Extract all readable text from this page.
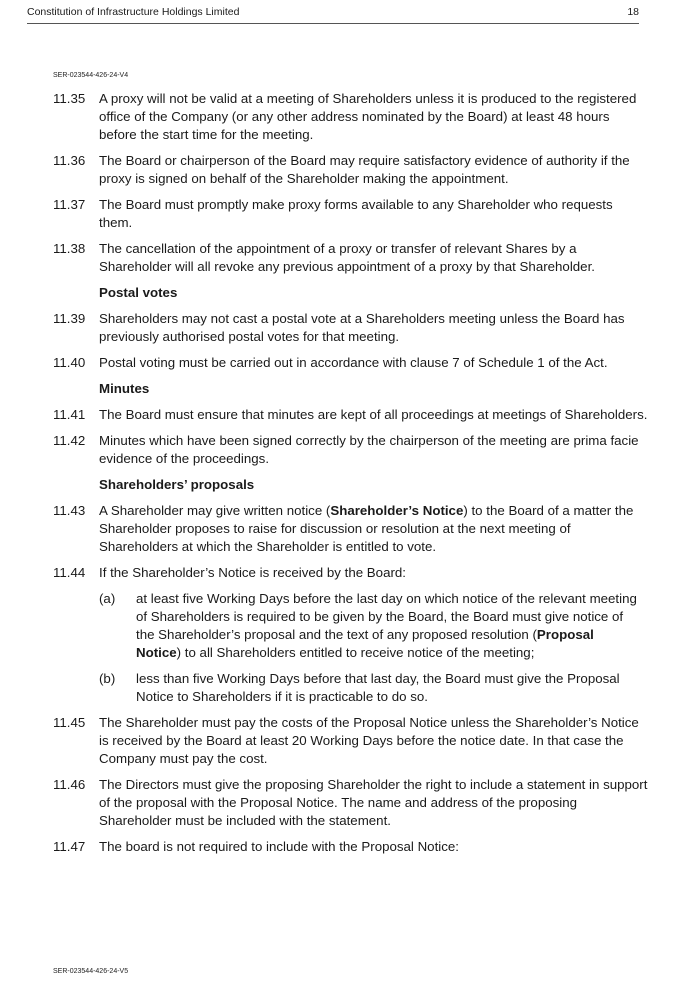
Constitution of Infrastructure Holdings Limited	18
SER-023544-426-24-V4
11.35 A proxy will not be valid at a meeting of Shareholders unless it is produced to the registered office of the Company (or any other address nominated by the Board) at least 48 hours before the start time for the meeting.
11.36 The Board or chairperson of the Board may require satisfactory evidence of authority if the proxy is signed on behalf of the Shareholder making the appointment.
11.37 The Board must promptly make proxy forms available to any Shareholder who requests them.
11.38 The cancellation of the appointment of a proxy or transfer of relevant Shares by a Shareholder will all revoke any previous appointment of a proxy by that Shareholder.
Postal votes
11.39 Shareholders may not cast a postal vote at a Shareholders meeting unless the Board has previously authorised postal votes for that meeting.
11.40 Postal voting must be carried out in accordance with clause 7 of Schedule 1 of the Act.
Minutes
11.41 The Board must ensure that minutes are kept of all proceedings at meetings of Shareholders.
11.42 Minutes which have been signed correctly by the chairperson of the meeting are prima facie evidence of the proceedings.
Shareholders’ proposals
11.43 A Shareholder may give written notice (Shareholder’s Notice) to the Board of a matter the Shareholder proposes to raise for discussion or resolution at the next meeting of Shareholders at which the Shareholder is entitled to vote.
11.44 If the Shareholder’s Notice is received by the Board:
(a) at least five Working Days before the last day on which notice of the relevant meeting of Shareholders is required to be given by the Board, the Board must give notice of the Shareholder’s proposal and the text of any proposed resolution (Proposal Notice) to all Shareholders entitled to receive notice of the meeting;
(b) less than five Working Days before that last day, the Board must give the Proposal Notice to Shareholders if it is practicable to do so.
11.45 The Shareholder must pay the costs of the Proposal Notice unless the Shareholder’s Notice is received by the Board at least 20 Working Days before the notice date. In that case the Company must pay the cost.
11.46 The Directors must give the proposing Shareholder the right to include a statement in support of the proposal with the Proposal Notice. The name and address of the proposing Shareholder must be included with the statement.
11.47 The board is not required to include with the Proposal Notice:
SER-023544-426-24-V5
